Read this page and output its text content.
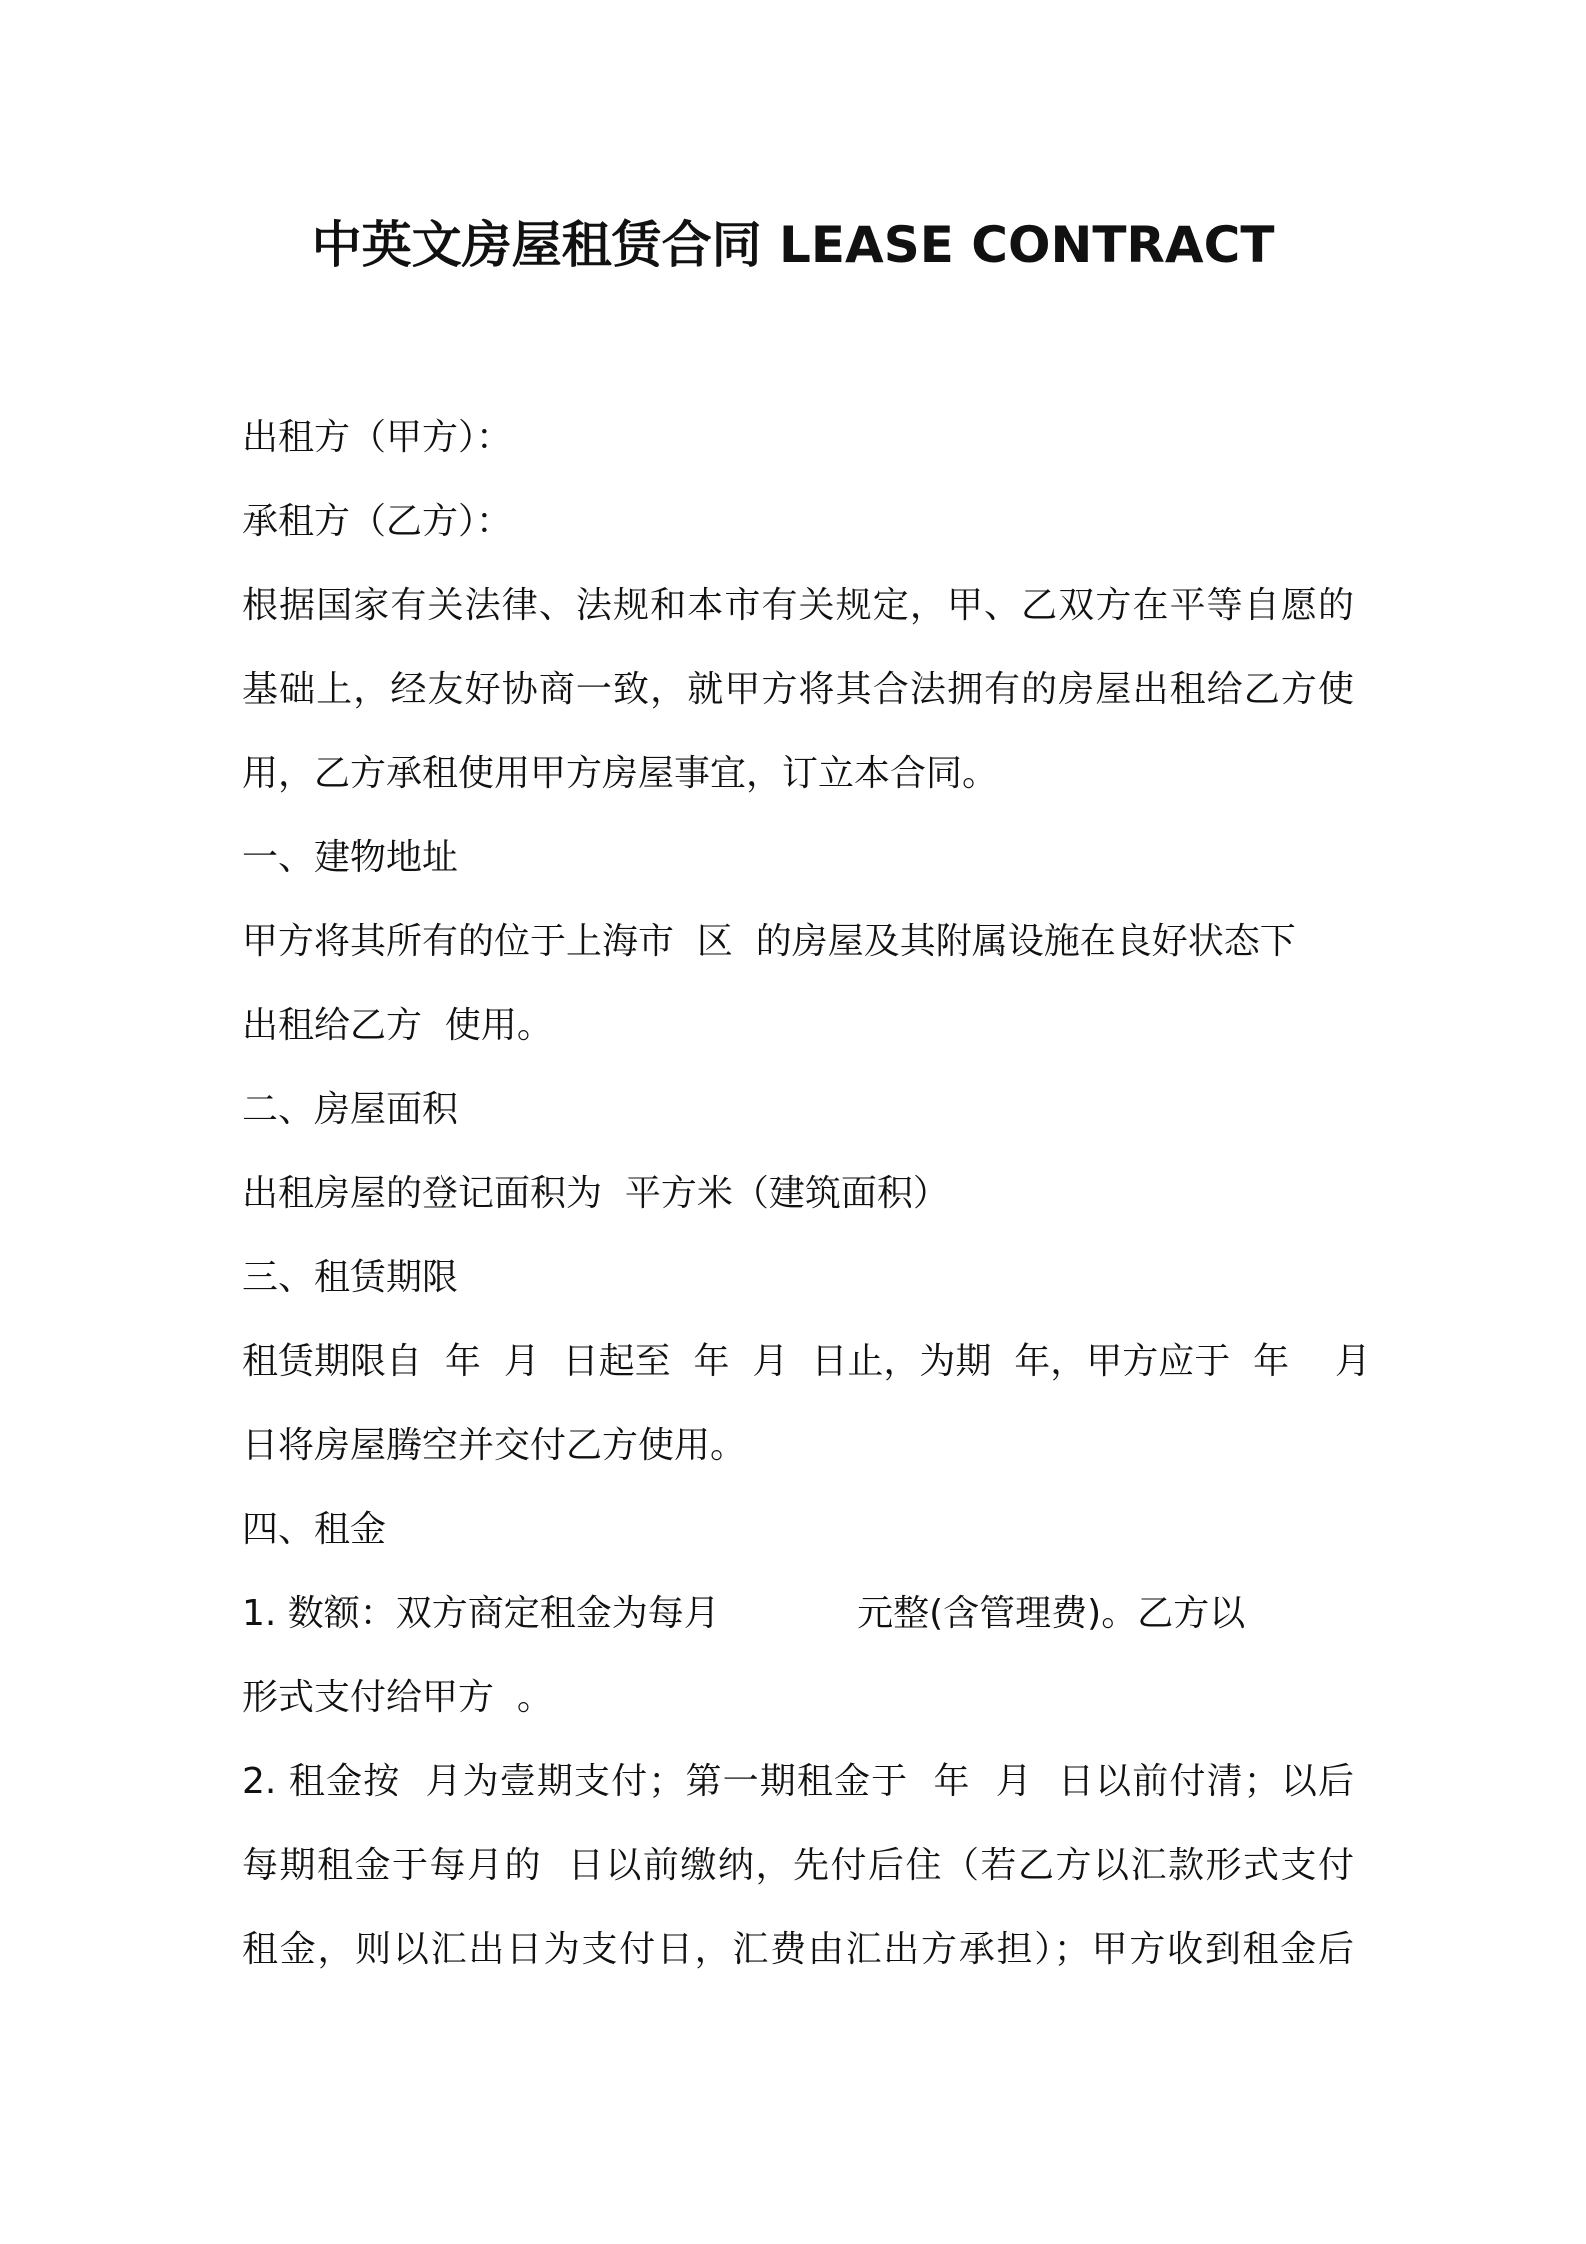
中英文房屋租赁合同 LEASE CONTRACT
出租方（甲方）：
承租方（乙方）：
根据国家有关法律、法规和本市有关规定，甲、乙双方在平等自愿的
基础上，经友好协商一致，就甲方将其合法拥有的房屋出租给乙方使
用，乙方承租使用甲方房屋事宜，订立本合同。
一、建物地址
甲方将其所有的位于上海市  区  的房屋及其附属设施在良好状态下
出租给乙方  使用。
二、房屋面积
出租房屋的登记面积为  平方米（建筑面积）
三、租赁期限
租赁期限自  年  月  日起至  年  月  日止，为期  年，甲方应于  年    月
日将房屋腾空并交付乙方使用。
四、租金
1. 数额：双方商定租金为每月            元整(含管理费)。乙方以
形式支付给甲方  。
2. 租金按  月为壹期支付；第一期租金于  年  月  日以前付清；以后
每期租金于每月的  日以前缴纳，先付后住（若乙方以汇款形式支付
租金，则以汇出日为支付日，汇费由汇出方承担）；甲方收到租金后
